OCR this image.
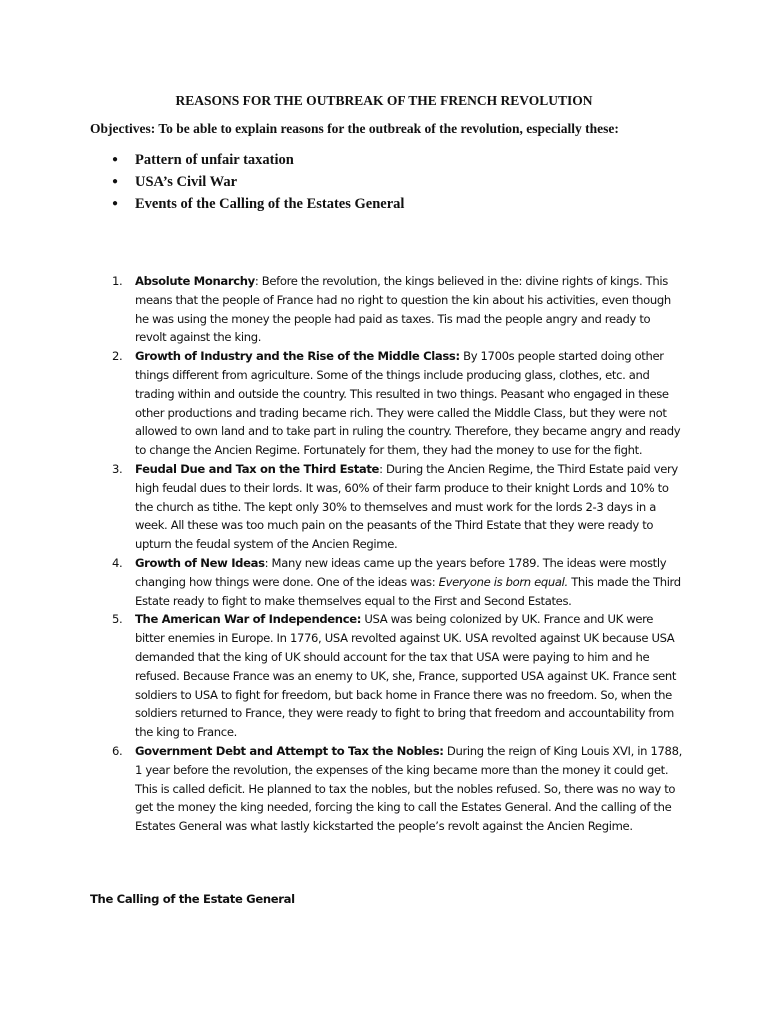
REASONS FOR THE OUTBREAK OF THE FRENCH REVOLUTION
Objectives: To be able to explain reasons for the outbreak of the revolution, especially these:
●	Pattern of unfair taxation
●	USA’s Civil War
●	Events of the Calling of the Estates General
1.	Absolute Monarchy: Before the revolution, the kings believed in the: divine rights of kings. This means that the people of France had no right to question the kin about his activities, even though he was using the money the people had paid as taxes. Tis mad the people angry and ready to revolt against the king.
2.	Growth of Industry and the Rise of the Middle Class: By 1700s people started doing other things different from agriculture. Some of the things include producing glass, clothes, etc. and trading within and outside the country. This resulted in two things. Peasant who engaged in these other productions and trading became rich. They were called the Middle Class, but they were not allowed to own land and to take part in ruling the country. Therefore, they became angry and ready to change the Ancien Regime. Fortunately for them, they had the money to use for the fight.
3.	Feudal Due and Tax on the Third Estate: During the Ancien Regime, the Third Estate paid very high feudal dues to their lords. It was, 60% of their farm produce to their knight Lords and 10% to the church as tithe. The kept only 30% to themselves and must work for the lords 2-3 days in a week. All these was too much pain on the peasants of the Third Estate that they were ready to upturn the feudal system of the Ancien Regime.
4.	Growth of New Ideas: Many new ideas came up the years before 1789. The ideas were mostly changing how things were done. One of the ideas was: Everyone is born equal. This made the Third Estate ready to fight to make themselves equal to the First and Second Estates.
5.	The American War of Independence: USA was being colonized by UK. France and UK were bitter enemies in Europe. In 1776, USA revolted against UK. USA revolted against UK because USA demanded that the king of UK should account for the tax that USA were paying to him and he refused. Because France was an enemy to UK, she, France, supported USA against UK. France sent soldiers to USA to fight for freedom, but back home in France there was no freedom. So, when the soldiers returned to France, they were ready to fight to bring that freedom and accountability from the king to France.
6.	Government Debt and Attempt to Tax the Nobles: During the reign of King Louis XVI, in 1788, 1 year before the revolution, the expenses of the king became more than the money it could get. This is called deficit. He planned to tax the nobles, but the nobles refused. So, there was no way to get the money the king needed, forcing the king to call the Estates General. And the calling of the Estates General was what lastly kickstarted the people’s revolt against the Ancien Regime.
The Calling of the Estate General
